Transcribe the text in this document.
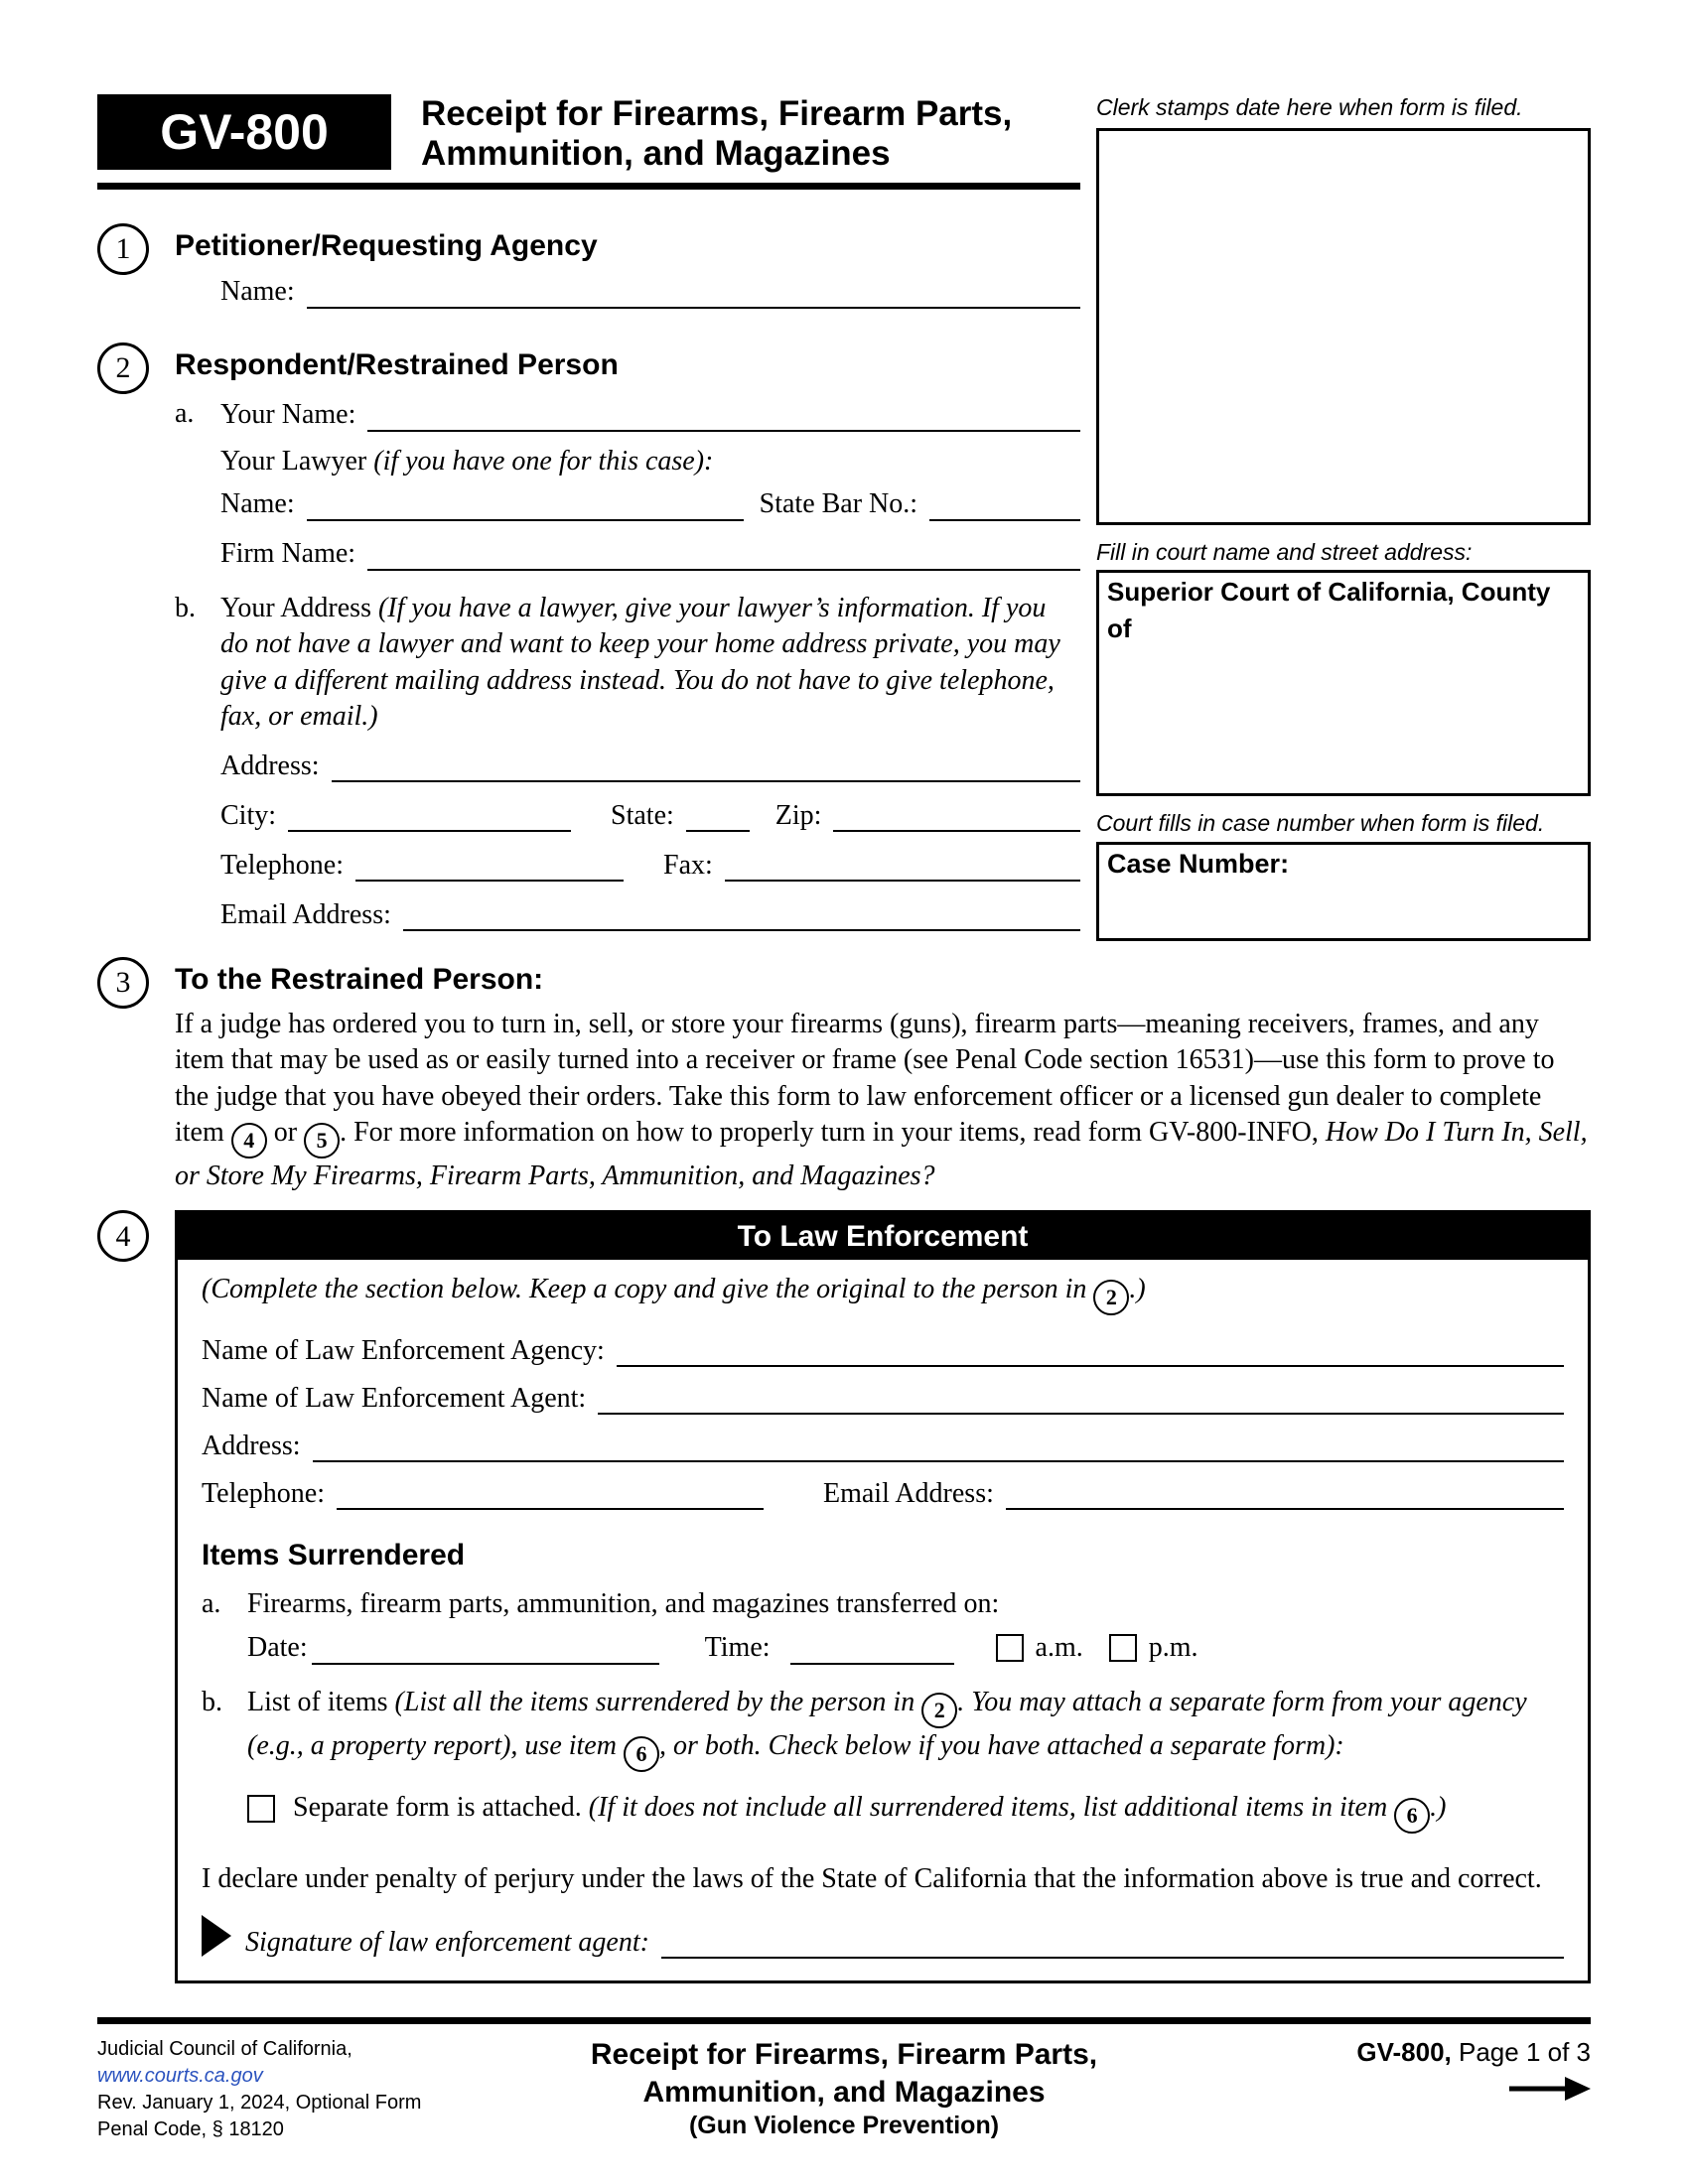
GV-800	Receipt for Firearms, Firearm Parts,
Ammunition, and Magazines
1	Petitioner/Requesting Agency
Name:
2	Respondent/Restrained Person
a. Your Name:
Your Lawyer (if you have one for this case):
Name:	State Bar No.:
Firm Name:
b. Your Address (If you have a lawyer, give your lawyer’s information. If you do not have a lawyer and want to keep your home address private, you may give a different mailing address instead. You do not have to give telephone, fax, or email.)
Address:
City:	State:	Zip:
Telephone:	Fax:
Email Address:
Clerk stamps date here when form is filed.
Fill in court name and street address:
Superior Court of California, County of
Court fills in case number when form is filed.
Case Number:
3	To the Restrained Person:

If a judge has ordered you to turn in, sell, or store your firearms (guns), firearm parts—meaning receivers, frames, and any item that may be used as or easily turned into a receiver or frame (see Penal Code section 16531)—use this form to prove to the judge that you have obeyed their orders. Take this form to law enforcement officer or a licensed gun dealer to complete item 4 or 5 . For more information on how to properly turn in your items, read form GV-800-INFO, How Do I Turn In, Sell, or Store My Firearms, Firearm Parts, Ammunition, and Magazines?

4	To Law Enforcement
(Complete the section below. Keep a copy and give the original to the person in 2 .)
Name of Law Enforcement Agency:
Name of Law Enforcement Agent:
Address:
Telephone:	Email Address:
Items Surrendered
a. Firearms, firearm parts, ammunition, and magazines transferred on:
Date:	Time:	a.m. p.m.
b. List of items (List all the items surrendered by the person in 2 . You may attach a separate form from your agency (e.g., a property report), use item 6 , or both. Check below if you have attached a separate form):
Separate form is attached. (If it does not include all surrendered items, list additional items in item 6 .)

I declare under penalty of perjury under the laws of the State of California that the information above is true and correct.

Signature of law enforcement agent:
Judicial Council of California, www.courts.ca.gov
Rev. January 1, 2024, Optional Form
Penal Code, § 18120
Receipt for Firearms, Firearm Parts,
Ammunition, and Magazines
(Gun Violence Prevention)
GV-800, Page 1 of 3
